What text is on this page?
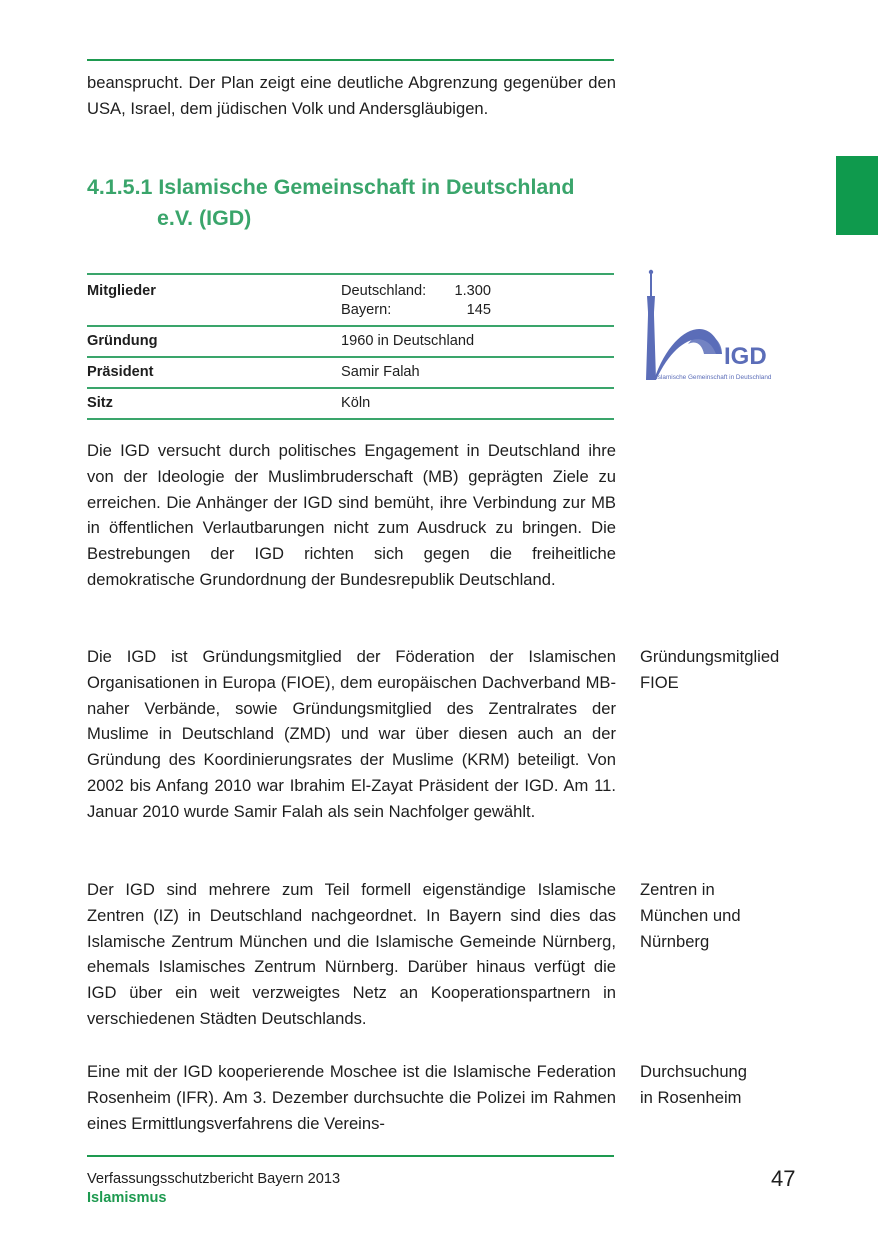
beansprucht. Der Plan zeigt eine deutliche Abgrenzung gegenüber den USA, Israel, dem jüdischen Volk und Andersgläubigen.

4.1.5.1 Islamische Gemeinschaft in Deutschland
e.V. (IGD)
Mitglieder	Deutschland: 1.300
Bayern: 145

Gründung	1960 in Deutschland
Präsident	Samir Falah
Sitz	Köln
IGD
Islamische Gemeinschaft in Deutschland

Die IGD versucht durch politisches Engagement in Deutschland ihre von der Ideologie der Muslimbruderschaft (MB) geprägten Ziele zu erreichen. Die Anhänger der IGD sind bemüht, ihre Verbindung zur MB in öffentlichen Verlautbarungen nicht zum Ausdruck zu bringen. Die Bestrebungen der IGD richten sich gegen die freiheitliche demokratische Grundordnung der Bundesrepublik Deutschland.

Die IGD ist Gründungsmitglied der Föderation der Islamischen Organisationen in Europa (FIOE), dem europäischen Dachverband MB-naher Verbände, sowie Gründungsmitglied des Zentralrates der Muslime in Deutschland (ZMD) und war über diesen auch an der Gründung des Koordinierungsrates der Muslime (KRM) beteiligt. Von 2002 bis Anfang 2010 war Ibrahim El-Zayat Präsident der IGD. Am 11. Januar 2010 wurde Samir Falah als sein Nachfolger gewählt.

Gründungsmitglied
FIOE

Der IGD sind mehrere zum Teil formell eigenständige Islamische Zentren (IZ) in Deutschland nachgeordnet. In Bayern sind dies das Islamische Zentrum München und die Islamische Gemeinde Nürnberg, ehemals Islamisches Zentrum Nürnberg. Darüber hinaus verfügt die IGD über ein weit verzweigtes Netz an Kooperationspartnern in verschiedenen Städten Deutschlands.

Zentren in
München und
Nürnberg

Eine mit der IGD kooperierende Moschee ist die Islamische Federation Rosenheim (IFR). Am 3. Dezember durchsuchte die Polizei im Rahmen eines Ermittlungsverfahrens die Vereins-

Durchsuchung
in Rosenheim
Verfassungsschutzbericht Bayern 2013
Islamismus
47
